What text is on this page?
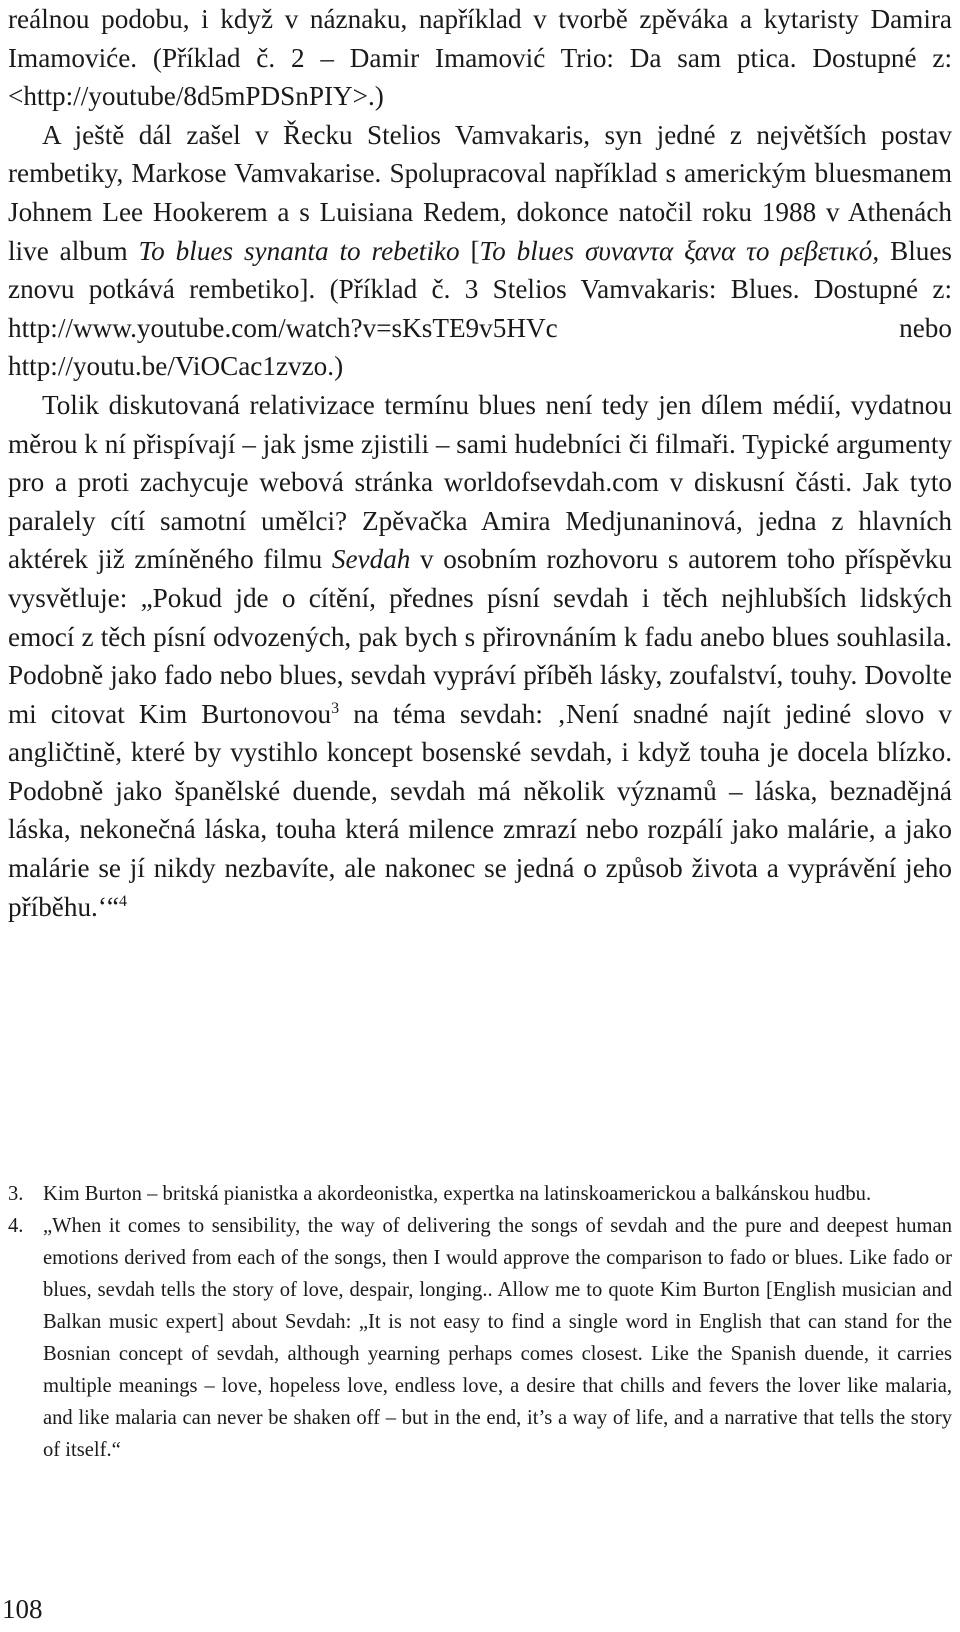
reálnou podobu, i když v náznaku, například v tvorbě zpěváka a kytaristy Damira Imamoviće. (Příklad č. 2 – Damir Imamović Trio: Da sam ptica. Dostupné z: <http://youtube/8d5mPDSnPIY>.)

A ještě dál zašel v Řecku Stelios Vamvakaris, syn jedné z největších postav rembetiky, Markose Vamvakarise. Spolupracoval například s americkým bluesmanem Johnem Lee Hookerem a s Luisiana Redem, dokonce natočil roku 1988 v Athenách live album To blues synanta to rebetiko [To blues συναντα ξανα το ρεβετικό, Blues znovu potkává rembetiko]. (Příklad č. 3 Stelios Vamvakaris: Blues. Dostupné z: http://www.youtube.com/watch?v=sKsTE9v5HVc nebo http://youtu.be/ViOCac1zvzo.)

Tolik diskutovaná relativizace termínu blues není tedy jen dílem médií, vydatnou měrou k ní přispívají – jak jsme zjistili – sami hudebníci či filmaři. Typické argumenty pro a proti zachycuje webová stránka worldofsevdah.com v diskusní části. Jak tyto paralely cítí samotní umělci? Zpěvačka Amira Medjunaninová, jedna z hlavních aktérek již zmíněného filmu Sevdah v osobním rozhovoru s autorem toho příspěvku vysvětluje: „Pokud jde o cítění, přednes písní sevdah i těch nejhlubších lidských emocí z těch písní odvozených, pak bych s přirovnáním k fadu anebo blues souhlasila. Podobně jako fado nebo blues, sevdah vypráví příběh lásky, zoufalství, touhy. Dovolte mi citovat Kim Burtonovou$^3$ na téma sevdah: ‚Není snadné najít jediné slovo v angličtině, které by vystihlo koncept bosenské sevdah, i když touha je docela blízko. Podobně jako španělské duende, sevdah má několik významů – láska, beznadějná láska, nekonečná láska, touha která milence zmrazí nebo rozpálí jako malárie, a jako malárie se jí nikdy nezbavíte, ale nakonec se jedná o způsob života a vyprávění jeho příběhu.‘“$^4$

3. Kim Burton – britská pianistka a akordeonistka, expertka na latinskoamerickou a balkánskou hudbu.

4. „When it comes to sensibility, the way of delivering the songs of sevdah and the pure and deepest human emotions derived from each of the songs, then I would approve the comparison to fado or blues. Like fado or blues, sevdah tells the story of love, despair, longing.. Allow me to quote Kim Burton [English musician and Balkan music expert] about Sevdah: „It is not easy to find a single word in English that can stand for the Bosnian concept of sevdah, although yearning perhaps comes closest. Like the Spanish duende, it carries multiple meanings – love, hopeless love, endless love, a desire that chills and fevers the lover like malaria, and like malaria can never be shaken off – but in the end, it’s a way of life, and a narrative that tells the story of itself.“

108
